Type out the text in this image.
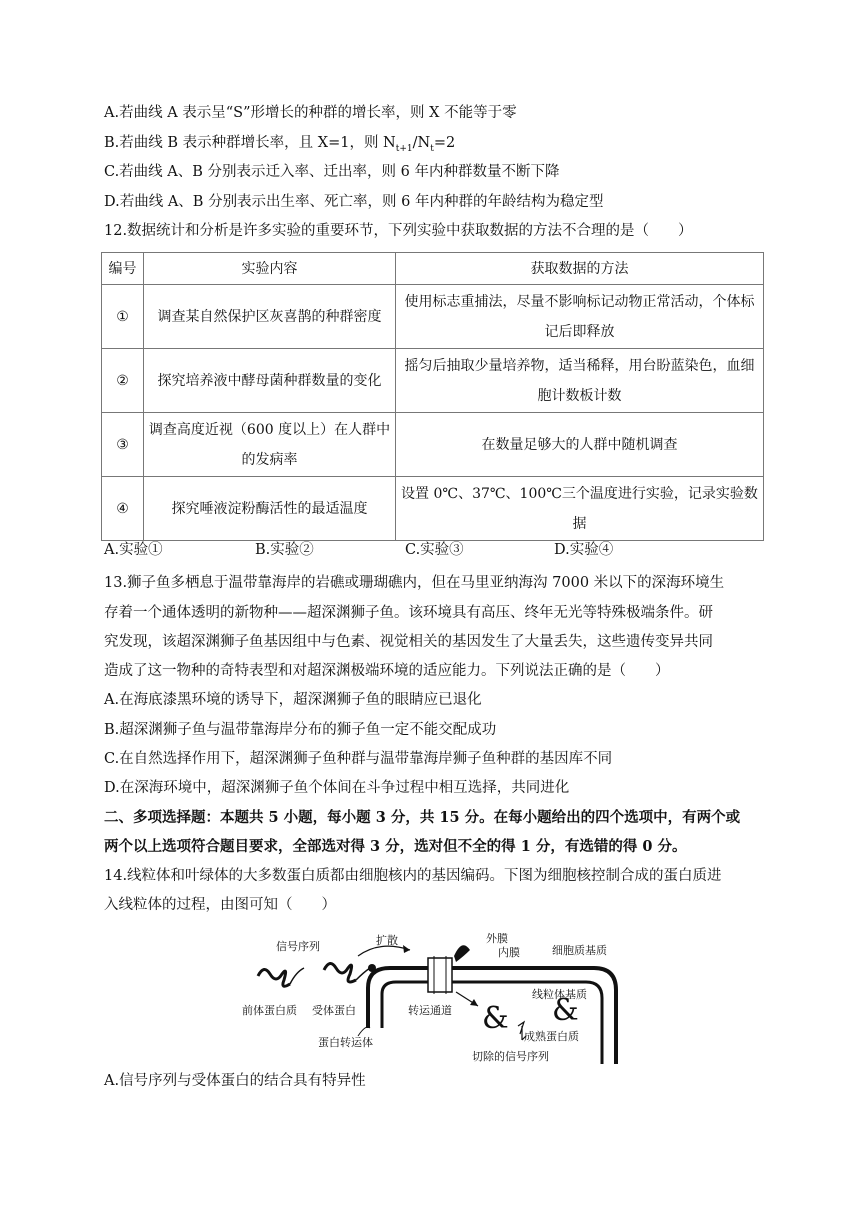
A.若曲线 A 表示呈“S”形增长的种群的增长率，则 X 不能等于零
B.若曲线 B 表示种群增长率，且 X=1，则 $N_{t+1}/N_t=2$
C.若曲线 A、B 分别表示迁入率、迁出率，则 6 年内种群数量不断下降
D.若曲线 A、B 分别表示出生率、死亡率，则 6 年内种群的年龄结构为稳定型
12.数据统计和分析是许多实验的重要环节，下列实验中获取数据的方法不合理的是（　　）
编号	实验内容	获取数据的方法
①	调查某自然保护区灰喜鹊的种群密度	使用标志重捕法，尽量不影响标记动物正常活动，个体标记后即释放
②	探究培养液中酵母菌种群数量的变化	摇匀后抽取少量培养物，适当稀释，用台盼蓝染色，血细胞计数板计数
③	调查高度近视（600 度以上）在人群中的发病率	在数量足够大的人群中随机调查
④	探究唾液淀粉酶活性的最适温度	设置 0℃、37℃、100℃三个温度进行实验，记录实验数据
A.实验①	B.实验②	C.实验③	D.实验④
13.狮子鱼多栖息于温带靠海岸的岩礁或珊瑚礁内，但在马里亚纳海沟 7000 米以下的深海环境生
存着一个通体透明的新物种——超深渊狮子鱼。该环境具有高压、终年无光等特殊极端条件。研
究发现，该超深渊狮子鱼基因组中与色素、视觉相关的基因发生了大量丢失，这些遗传变异共同
造成了这一物种的奇特表型和对超深渊极端环境的适应能力。下列说法正确的是（　　）
A.在海底漆黑环境的诱导下，超深渊狮子鱼的眼睛应已退化
B.超深渊狮子鱼与温带靠海岸分布的狮子鱼一定不能交配成功
C.在自然选择作用下，超深渊狮子鱼种群与温带靠海岸狮子鱼种群的基因库不同
D.在深海环境中，超深渊狮子鱼个体间在斗争过程中相互选择，共同进化
二、多项选择题：本题共 5 小题，每小题 3 分，共 15 分。在每小题给出的四个选项中，有两个或
两个以上选项符合题目要求，全部选对得 3 分，选对但不全的得 1 分，有选错的得 0 分。
14.线粒体和叶绿体的大多数蛋白质都由细胞核内的基因编码。下图为细胞核控制合成的蛋白质进
入线粒体的过程，由图可知（　　）
& &
信号序列	扩散	外膜
内膜	细胞质基质
线粒体基质
前体蛋白质 受体蛋白	转运通道
成熟蛋白质
蛋白转运体
切除的信号序列
A.信号序列与受体蛋白的结合具有特异性
